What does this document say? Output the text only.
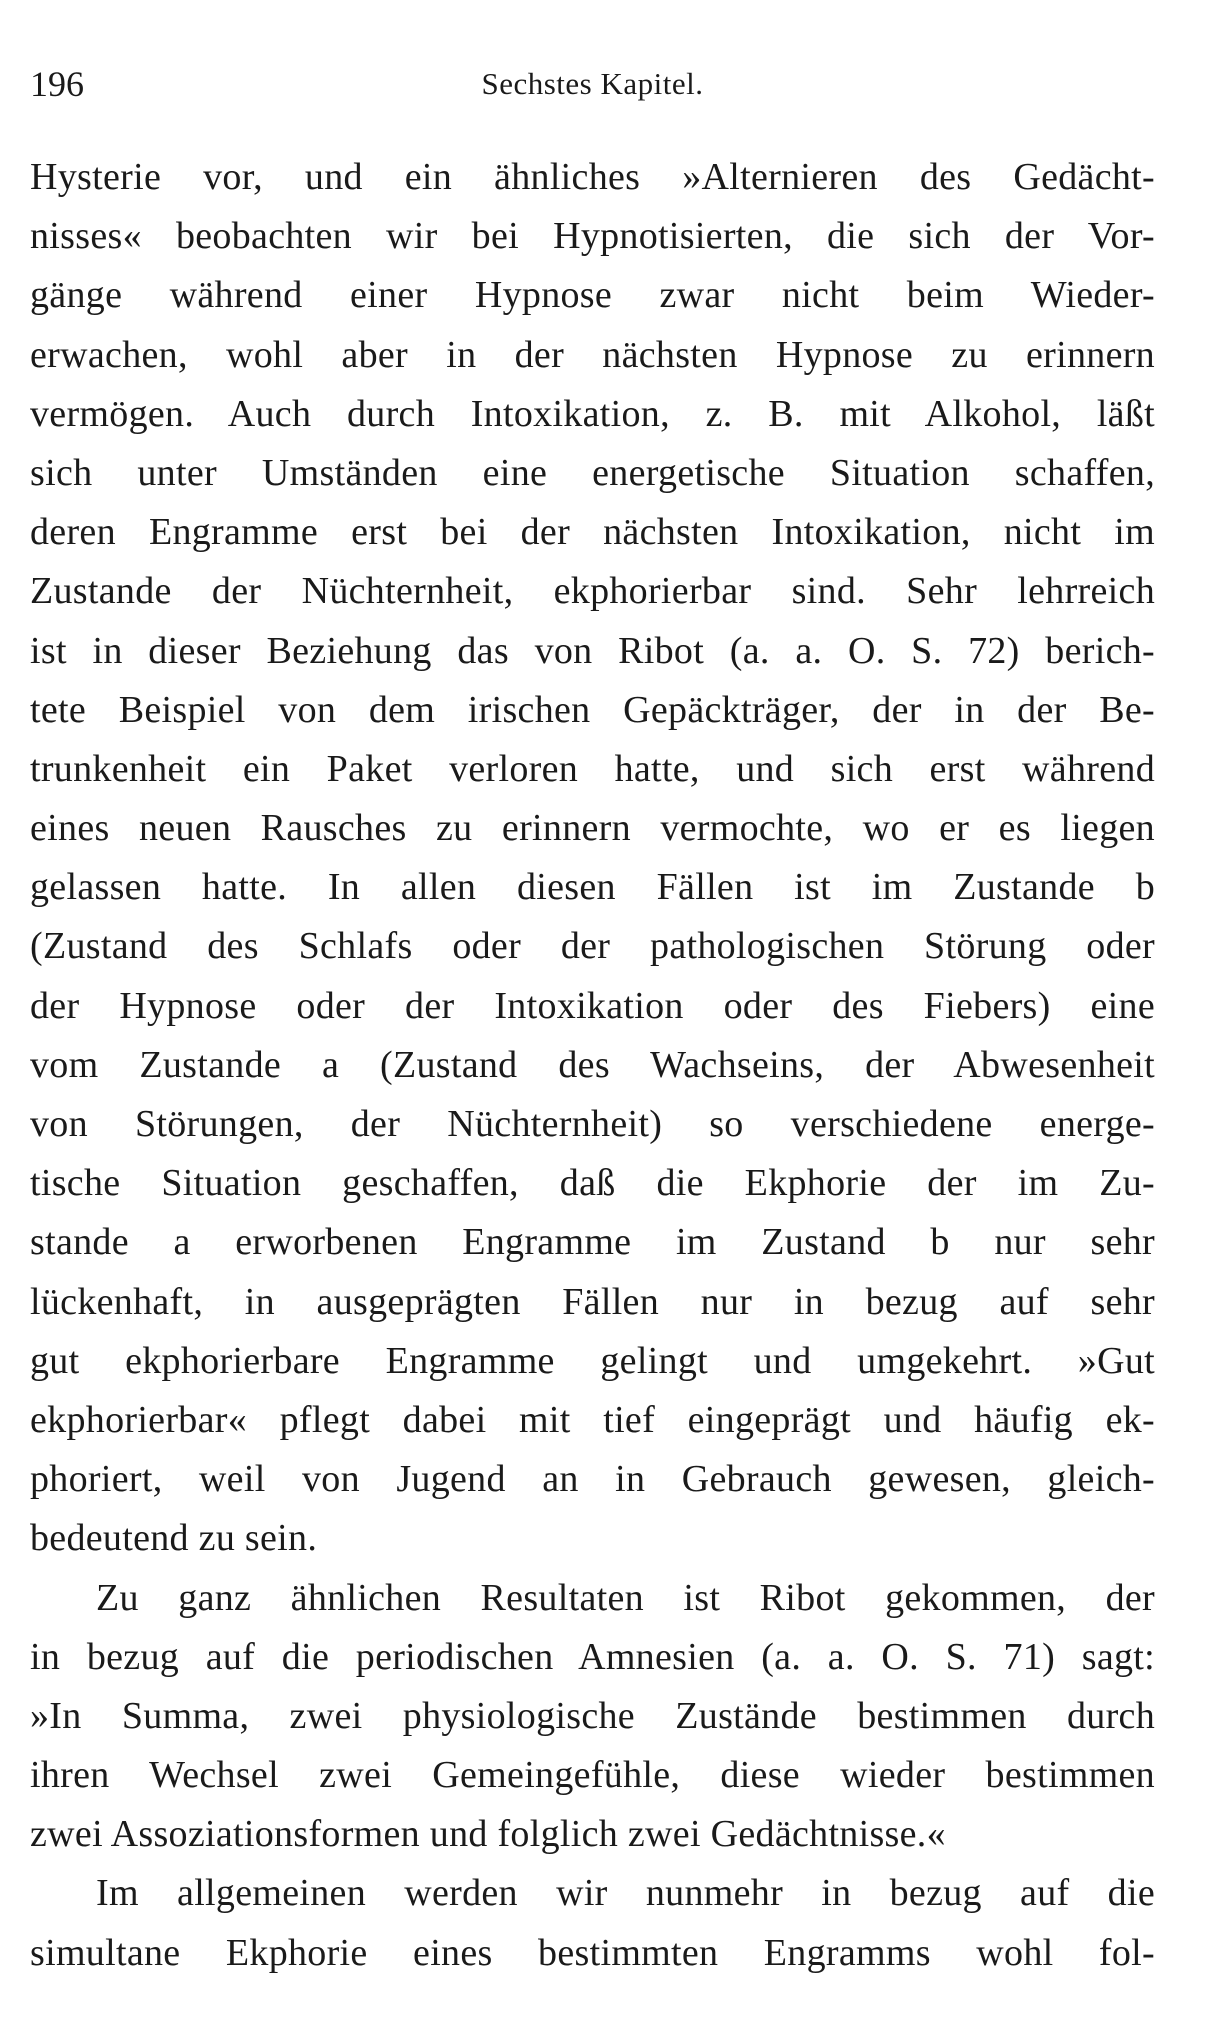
196	Sechstes Kapitel.
Hysterie vor, und ein ähnliches »Alternieren des Gedächt-
nisses« beobachten wir bei Hypnotisierten, die sich der Vor-
gänge während einer Hypnose zwar nicht beim Wieder-
erwachen, wohl aber in der nächsten Hypnose zu erinnern
vermögen. Auch durch Intoxikation, z. B. mit Alkohol, läßt
sich unter Umständen eine energetische Situation schaffen,
deren Engramme erst bei der nächsten Intoxikation, nicht im
Zustande der Nüchternheit, ekphorierbar sind. Sehr lehrreich
ist in dieser Beziehung das von Ribot (a. a. O. S. 72) berich-
tete Beispiel von dem irischen Gepäckträger, der in der Be-
trunkenheit ein Paket verloren hatte, und sich erst während
eines neuen Rausches zu erinnern vermochte, wo er es liegen
gelassen hatte. In allen diesen Fällen ist im Zustande b
(Zustand des Schlafs oder der pathologischen Störung oder
der Hypnose oder der Intoxikation oder des Fiebers) eine
vom Zustande a (Zustand des Wachseins, der Abwesenheit
von Störungen, der Nüchternheit) so verschiedene energe-
tische Situation geschaffen, daß die Ekphorie der im Zu-
stande a erworbenen Engramme im Zustand b nur sehr
lückenhaft, in ausgeprägten Fällen nur in bezug auf sehr
gut ekphorierbare Engramme gelingt und umgekehrt. »Gut
ekphorierbar« pflegt dabei mit tief eingeprägt und häufig ek-
phoriert, weil von Jugend an in Gebrauch gewesen, gleich-
bedeutend zu sein.
Zu ganz ähnlichen Resultaten ist Ribot gekommen, der
in bezug auf die periodischen Amnesien (a. a. O. S. 71) sagt:
»In Summa, zwei physiologische Zustände bestimmen durch
ihren Wechsel zwei Gemeingefühle, diese wieder bestimmen
zwei Assoziationsformen und folglich zwei Gedächtnisse.«
Im allgemeinen werden wir nunmehr in bezug auf die
simultane Ekphorie eines bestimmten Engramms wohl fol-
